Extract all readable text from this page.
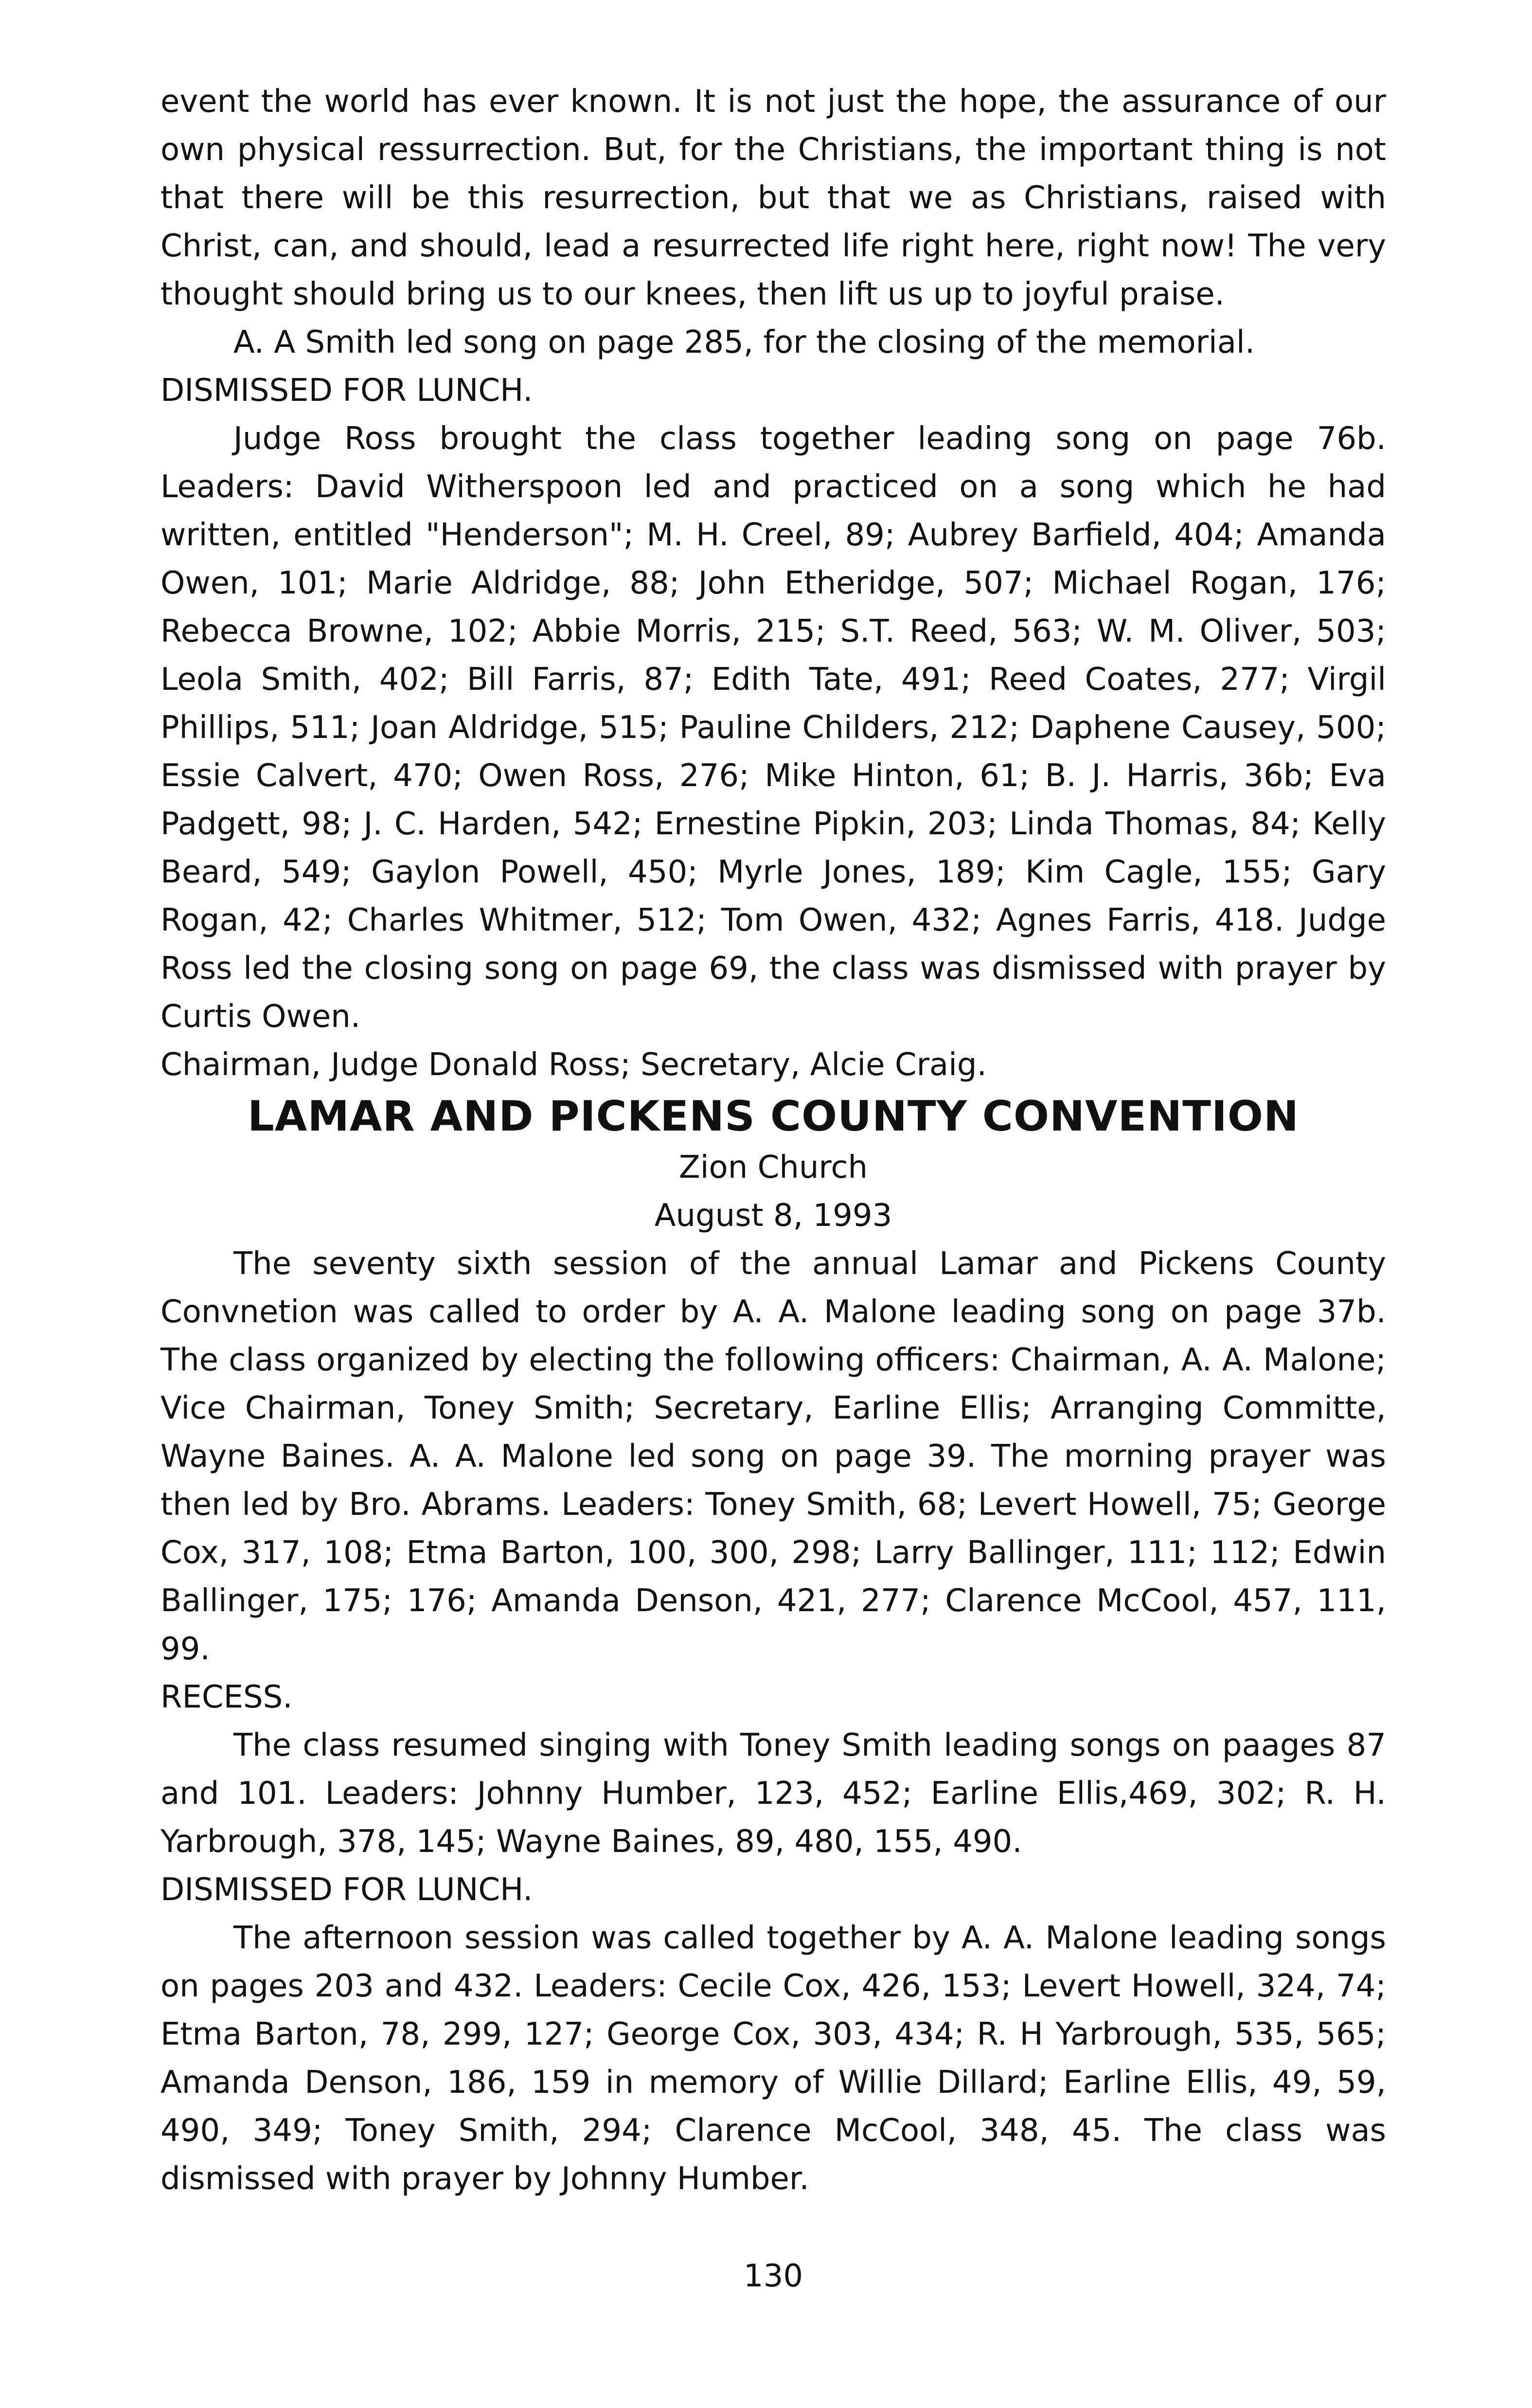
event the world has ever known. It is not just the hope, the assurance of our own physical ressurrection. But, for the Christians, the important thing is not that there will be this resurrection, but that we as Christians, raised with Christ, can, and should, lead a resurrected life right here, right now! The very thought should bring us to our knees, then lift us up to joyful praise.

A. A Smith led song on page 285, for the closing of the memorial.

DISMISSED FOR LUNCH.

Judge Ross brought the class together leading song on page 76b. Leaders: David Witherspoon led and practiced on a song which he had written, entitled "Henderson"; M. H. Creel, 89; Aubrey Barfield, 404; Amanda Owen, 101; Marie Aldridge, 88; John Etheridge, 507; Michael Rogan, 176; Rebecca Browne, 102; Abbie Morris, 215; S.T. Reed, 563; W. M. Oliver, 503; Leola Smith, 402; Bill Farris, 87; Edith Tate, 491; Reed Coates, 277; Virgil Phillips, 511; Joan Aldridge, 515; Pauline Childers, 212; Daphene Causey, 500; Essie Calvert, 470; Owen Ross, 276; Mike Hinton, 61; B. J. Harris, 36b; Eva Padgett, 98; J. C. Harden, 542; Ernestine Pipkin, 203; Linda Thomas, 84; Kelly Beard, 549; Gaylon Powell, 450; Myrle Jones, 189; Kim Cagle, 155; Gary Rogan, 42; Charles Whitmer, 512; Tom Owen, 432; Agnes Farris, 418. Judge Ross led the closing song on page 69, the class was dismissed with prayer by Curtis Owen.

Chairman, Judge Donald Ross; Secretary, Alcie Craig.

LAMAR AND PICKENS COUNTY CONVENTION

Zion Church

August 8, 1993

The seventy sixth session of the annual Lamar and Pickens County Convnetion was called to order by A. A. Malone leading song on page 37b. The class organized by electing the following officers: Chairman, A. A. Malone; Vice Chairman, Toney Smith; Secretary, Earline Ellis; Arranging Committe, Wayne Baines. A. A. Malone led song on page 39. The morning prayer was then led by Bro. Abrams. Leaders: Toney Smith, 68; Levert Howell, 75; George Cox, 317, 108; Etma Barton, 100, 300, 298; Larry Ballinger, 111; 112; Edwin Ballinger, 175; 176; Amanda Denson, 421, 277; Clarence McCool, 457, 111, 99.

RECESS.

The class resumed singing with Toney Smith leading songs on paages 87 and 101. Leaders: Johnny Humber, 123, 452; Earline Ellis,469, 302; R. H. Yarbrough, 378, 145; Wayne Baines, 89, 480, 155, 490.

DISMISSED FOR LUNCH.

The afternoon session was called together by A. A. Malone leading songs on pages 203 and 432. Leaders: Cecile Cox, 426, 153; Levert Howell, 324, 74; Etma Barton, 78, 299, 127; George Cox, 303, 434; R. H Yarbrough, 535, 565; Amanda Denson, 186, 159 in memory of Willie Dillard; Earline Ellis, 49, 59, 490, 349; Toney Smith, 294; Clarence McCool, 348, 45. The class was dismissed with prayer by Johnny Humber.

130
